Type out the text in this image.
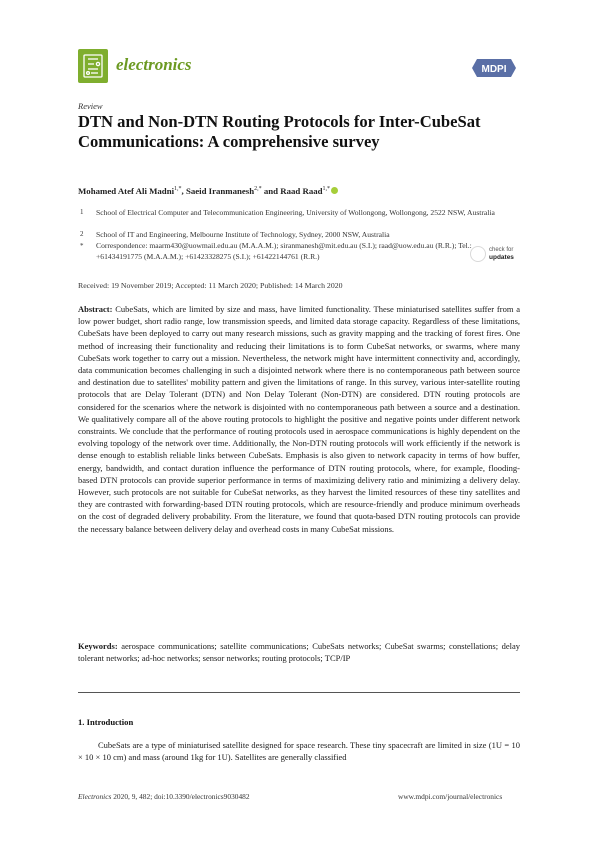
electronics	MDPI
Review
DTN and Non-DTN Routing Protocols for Inter-CubeSat Communications: A comprehensive survey
Mohamed Atef Ali Madni$^{1,*}$, Saeid Iranmanesh$^{2,*}$ and Raad Raad$^{1,*}$
1 School of Electrical Computer and Telecommunication Engineering, University of Wollongong, Wollongong, 2522 NSW, Australia
2 School of IT and Engineering, Melbourne Institute of Technology, Sydney, 2000 NSW, Australia
* Correspondence: maarm430@uowmail.edu.au (M.A.A.M.); siranmanesh@mit.edu.au (S.I.); raad@uow.edu.au (R.R.); Tel.: +61434191775 (M.A.A.M.); +61423328275 (S.I.); +61422144761 (R.R.)
check for
updates
Received: 19 November 2019; Accepted: 11 March 2020; Published: 14 March 2020

Abstract: CubeSats, which are limited by size and mass, have limited functionality. These miniaturised satellites suffer from a low power budget, short radio range, low transmission speeds, and limited data storage capacity. Regardless of these limitations, CubeSats have been deployed to carry out many research missions, such as gravity mapping and the tracking of forest fires. One method of increasing their functionality and reducing their limitations is to form CubeSat networks, or swarms, where many CubeSats work together to carry out a mission. Nevertheless, the network might have intermittent connectivity and, accordingly, data communication becomes challenging in such a disjointed network where there is no contemporaneous path between source and destination due to satellites' mobility pattern and given the limitations of range. In this survey, various inter-satellite routing protocols that are Delay Tolerant (DTN) and Non Delay Tolerant (Non-DTN) are considered. DTN routing protocols are considered for the scenarios where the network is disjointed with no contemporaneous path between a source and a destination. We qualitatively compare all of the above routing protocols to highlight the positive and negative points under different network constraints. We conclude that the performance of routing protocols used in aerospace communications is highly dependent on the evolving topology of the network over time. Additionally, the Non-DTN routing protocols will work efficiently if the network is dense enough to establish reliable links between CubeSats. Emphasis is also given to network capacity in terms of how buffer, energy, bandwidth, and contact duration influence the performance of DTN routing protocols, where, for example, flooding-based DTN protocols can provide superior performance in terms of maximizing delivery ratio and minimizing a delivery delay. However, such protocols are not suitable for CubeSat networks, as they harvest the limited resources of these tiny satellites and they are contrasted with forwarding-based DTN routing protocols, which are resource-friendly and produce minimum overheads on the cost of degraded delivery probability. From the literature, we found that quota-based DTN routing protocols can provide the necessary balance between delivery delay and overhead costs in many CubeSat missions.

Keywords: aerospace communications; satellite communications; CubeSats networks; CubeSat swarms; constellations; delay tolerant networks; ad-hoc networks; sensor networks; routing protocols; TCP/IP

1. Introduction

CubeSats are a type of miniaturised satellite designed for space research. These tiny spacecraft are limited in size (1U = 10 × 10 × 10 cm) and mass (around 1kg for 1U). Satellites are generally classified

Electronics 2020, 9, 482; doi:10.3390/electronics9030482	www.mdpi.com/journal/electronics
